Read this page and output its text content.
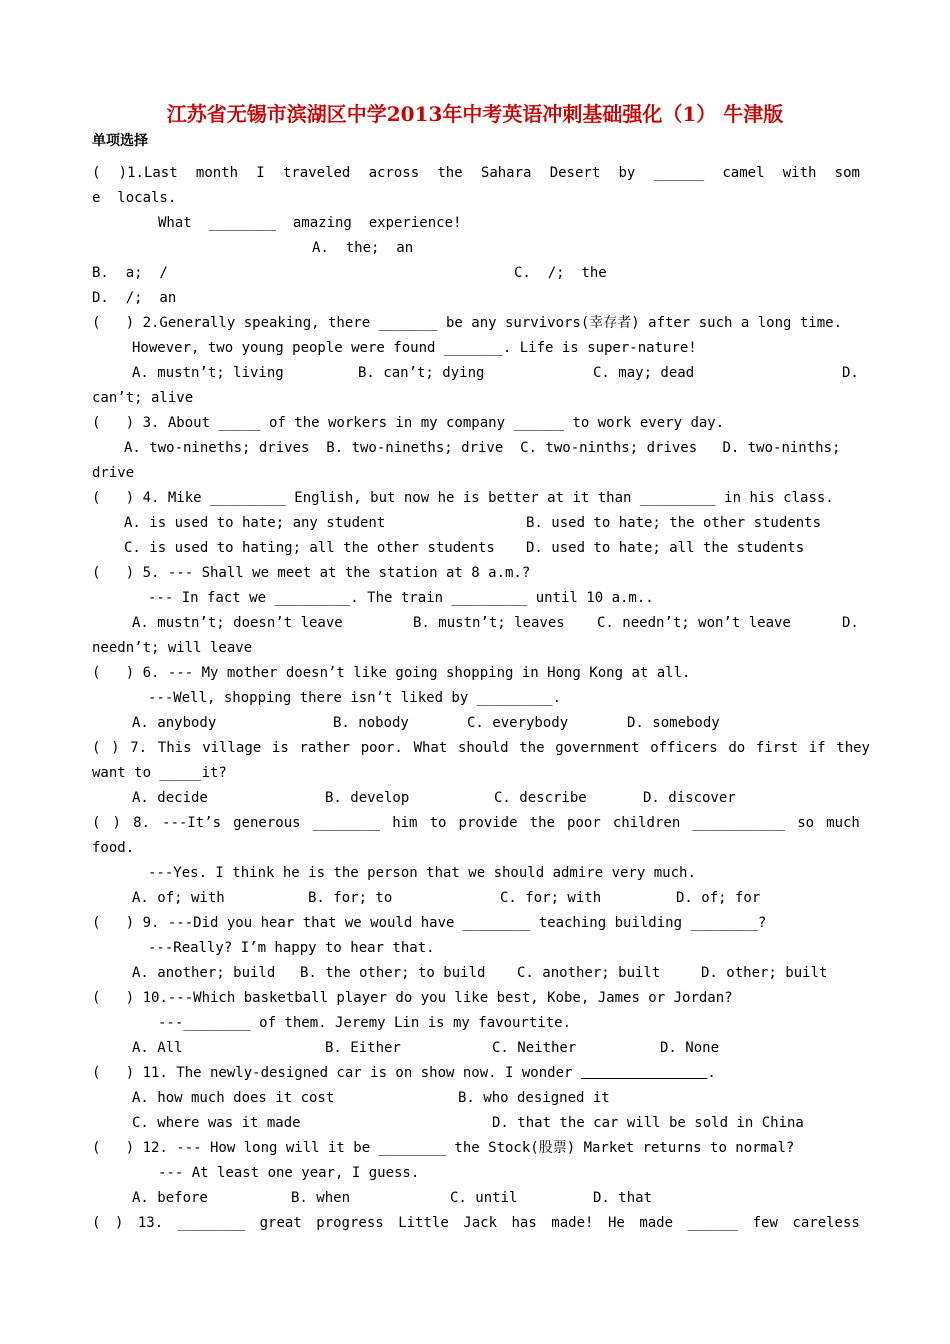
江苏省无锡市滨湖区中学2013年中考英语冲刺基础强化（1） 牛津版
单项选择
( )1.Last month I traveled across the Sahara Desert by ______ camel with som
e  locals.
What  ________  amazing  experience!
A.  the;  an
B.  a;  /	C.  /;  the
D.  /;  an
(   ) 2.Generally speaking, there _______ be any survivors(幸存者) after such a long time.
However, two young people were found _______. Life is super-nature!
A. mustn’t; living	B. can’t; dying	C. may; dead	D.
can’t; alive
(   ) 3. About _____ of the workers in my company ______ to work every day.
A. two-nineths; drives  B. two-nineths; drive  C. two-ninths; drives   D. two-ninths;
drive
(   ) 4. Mike _________ English, but now he is better at it than _________ in his class.
A. is used to hate; any student	B. used to hate; the other students
C. is used to hating; all the other students D. used to hate; all the students
(   ) 5. --- Shall we meet at the station at 8 a.m.?
--- In fact we _________. The train _________ until 10 a.m..
A. mustn’t; doesn’t leave	B. mustn’t; leaves C. needn’t; won’t leave	D.
needn’t; will leave
(   ) 6. --- My mother doesn’t like going shopping in Hong Kong at all.
---Well, shopping there isn’t liked by _________.
A. anybody	B. nobody	C. everybody	D. somebody
( ) 7. This village is rather poor. What should the government officers do first if they
want to _____it?
A. decide	B. develop	C. describe	D. discover
( ) 8. ---It’s generous ________ him to provide the poor children ___________ so much
food.
---Yes. I think he is the person that we should admire very much.
A. of; with	B. for; to	C. for; with	D. of; for
(   ) 9. ---Did you hear that we would have ________ teaching building ________?
---Really? I’m happy to hear that.
A. another; build B. the other; to build C. another; built	D. other; built
(   ) 10.---Which basketball player do you like best, Kobe, James or Jordan?
---________ of them. Jeremy Lin is my favourtite.
A. All	B. Either	C. Neither	D. None
(   ) 11. The newly-designed car is on show now. I wonder	.
A. how much does it cost	B. who designed it
C. where was it made	D. that the car will be sold in China
(   ) 12. --- How long will it be ________ the Stock(股票) Market returns to normal?
--- At least one year, I guess.
A. before	B. when	C. until	D. that
( ) 13. ________ great progress Little Jack has made! He made ______ few careless
